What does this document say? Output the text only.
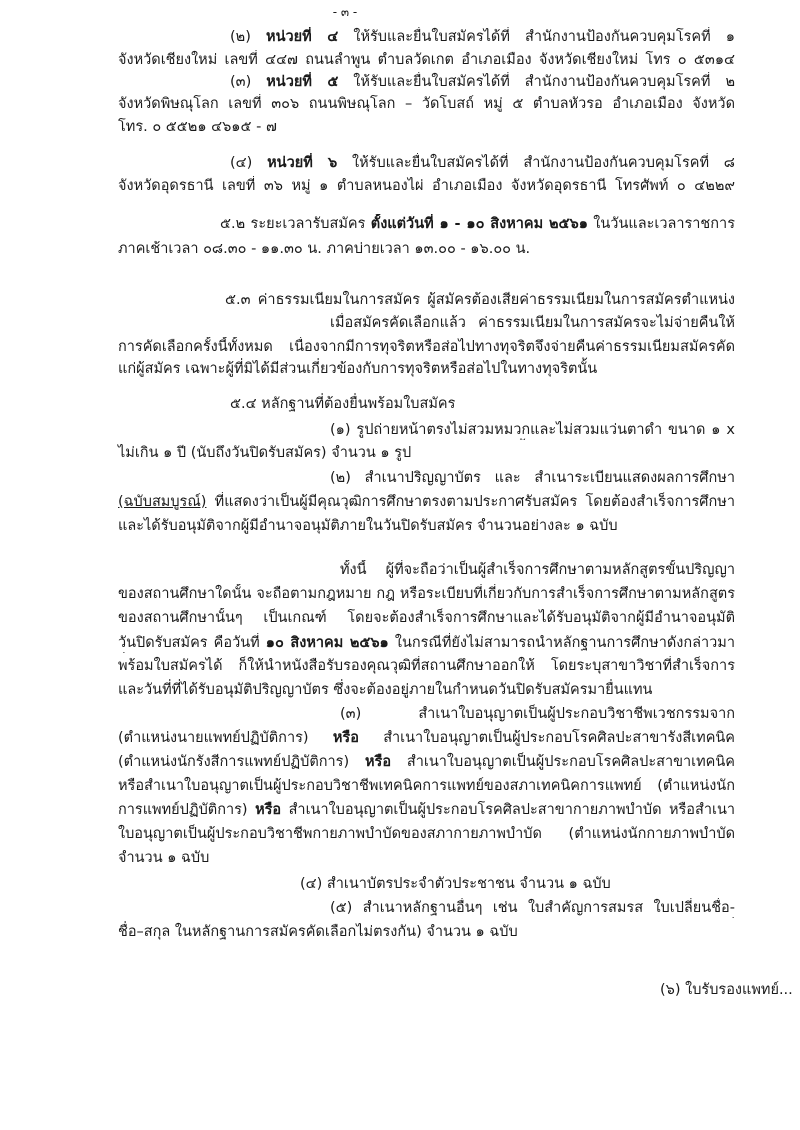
- ๓ -
(๒) หน่วยที่ ๔ ให้รับและยื่นใบสมัครได้ที่ สำนักงานป้องกันควบคุมโรคที่ ๑
จังหวัดเชียงใหม่ เลขที่ ๔๔๗ ถนนลำพูน ตำบลวัดเกต อำเภอเมือง จังหวัดเชียงใหม่ โทร ๐ ๕๓๑๔
(๓) หน่วยที่ ๕ ให้รับและยื่นใบสมัครได้ที่ สำนักงานป้องกันควบคุมโรคที่ ๒
จังหวัดพิษณุโลก เลขที่ ๓๐๖ ถนนพิษณุโลก – วัดโบสถ์ หมู่ ๕ ตำบลหัวรอ อำเภอเมือง จังหวัด
โทร. ๐ ๕๕๒๑ ๔๖๑๕ - ๗
(๔) หน่วยที่ ๖ ให้รับและยื่นใบสมัครได้ที่ สำนักงานป้องกันควบคุมโรคที่ ๘
จังหวัดอุดรธานี เลขที่ ๓๖ หมู่ ๑ ตำบลหนองไผ่ อำเภอเมือง จังหวัดอุดรธานี โทรศัพท์ ๐ ๔๒๒๙
๕.๒ ระยะเวลารับสมัคร ตั้งแต่วันที่ ๑ - ๑๐ สิงหาคม ๒๕๖๑ ในวันและเวลาราชการ
ภาคเช้าเวลา ๐๘.๓๐ - ๑๑.๓๐ น. ภาคบ่ายเวลา ๑๓.๐๐ - ๑๖.๐๐ น.
๕.๓ ค่าธรรมเนียมในการสมัคร ผู้สมัครต้องเสียค่าธรรมเนียมในการสมัครตำแหน่ง
เมื่อสมัครคัดเลือกแล้ว ค่าธรรมเนียมในการสมัครจะไม่จ่ายคืนให้
การคัดเลือกครั้งนี้ทั้งหมด เนื่องจากมีการทุจริตหรือส่อไปทางทุจริตจึงจ่ายคืนค่าธรรมเนียมสมัครคัด
แก่ผู้สมัคร เฉพาะผู้ที่มิได้มีส่วนเกี่ยวข้องกับการทุจริตหรือส่อไปในทางทุจริตนั้น
๕.๔ หลักฐานที่ต้องยื่นพร้อมใบสมัคร
(๑) รูปถ่ายหน้าตรงไม่สวมหมวกและไม่สวมแว่นตาดำ ขนาด ๑ x
ไม่เกิน ๑ ปี (นับถึงวันปิดรับสมัคร) จำนวน ๑ รูป
(๒) สำเนาปริญญาบัตร และ สำเนาระเบียนแสดงผลการศึกษา
(ฉบับสมบูรณ์) ที่แสดงว่าเป็นผู้มีคุณวุฒิการศึกษาตรงตามประกาศรับสมัคร โดยต้องสำเร็จการศึกษา
และได้รับอนุมัติจากผู้มีอำนาจอนุมัติภายในวันปิดรับสมัคร จำนวนอย่างละ ๑ ฉบับ
ทั้งนี้ ผู้ที่จะถือว่าเป็นผู้สำเร็จการศึกษาตามหลักสูตรขั้นปริญญา
ของสถานศึกษาใดนั้น จะถือตามกฎหมาย กฎ หรือระเบียบที่เกี่ยวกับการสำเร็จการศึกษาตามหลักสูตร
ของสถานศึกษานั้นๆ เป็นเกณฑ์ โดยจะต้องสำเร็จการศึกษาและได้รับอนุมัติจากผู้มีอำนาจอนุมัติ
วันปิดรับสมัคร คือวันที่ ๑๐ สิงหาคม ๒๕๖๑ ในกรณีที่ยังไม่สามารถนำหลักฐานการศึกษาดังกล่าวมา
พร้อมใบสมัครได้ ก็ให้นำหนังสือรับรองคุณวุฒิที่สถานศึกษาออกให้ โดยระบุสาขาวิชาที่สำเร็จการ
และวันที่ที่ได้รับอนุมัติปริญญาบัตร ซึ่งจะต้องอยู่ภายในกำหนดวันปิดรับสมัครมายื่นแทน
(๓) สำเนาใบอนุญาตเป็นผู้ประกอบวิชาชีพเวชกรรมจาก
(ตำแหน่งนายแพทย์ปฏิบัติการ) หรือ สำเนาใบอนุญาตเป็นผู้ประกอบโรคศิลปะสาขารังสีเทคนิค
(ตำแหน่งนักรังสีการแพทย์ปฏิบัติการ) หรือ สำเนาใบอนุญาตเป็นผู้ประกอบโรคศิลปะสาขาเทคนิค
หรือสำเนาใบอนุญาตเป็นผู้ประกอบวิชาชีพเทคนิคการแพทย์ของสภาเทคนิคการแพทย์ (ตำแหน่งนัก
การแพทย์ปฏิบัติการ) หรือ สำเนาใบอนุญาตเป็นผู้ประกอบโรคศิลปะสาขากายภาพบำบัด หรือสำเนา
ใบอนุญาตเป็นผู้ประกอบวิชาชีพกายภาพบำบัดของสภากายภาพบำบัด (ตำแหน่งนักกายภาพบำบัด
จำนวน ๑ ฉบับ
(๔) สำเนาบัตรประจำตัวประชาชน จำนวน ๑ ฉบับ
(๕) สำเนาหลักฐานอื่นๆ เช่น ใบสำคัญการสมรส ใบเปลี่ยนชื่อ-
ชื่อ–สกุล ในหลักฐานการสมัครคัดเลือกไม่ตรงกัน) จำนวน ๑ ฉบับ
(๖) ใบรับรองแพทย์...
